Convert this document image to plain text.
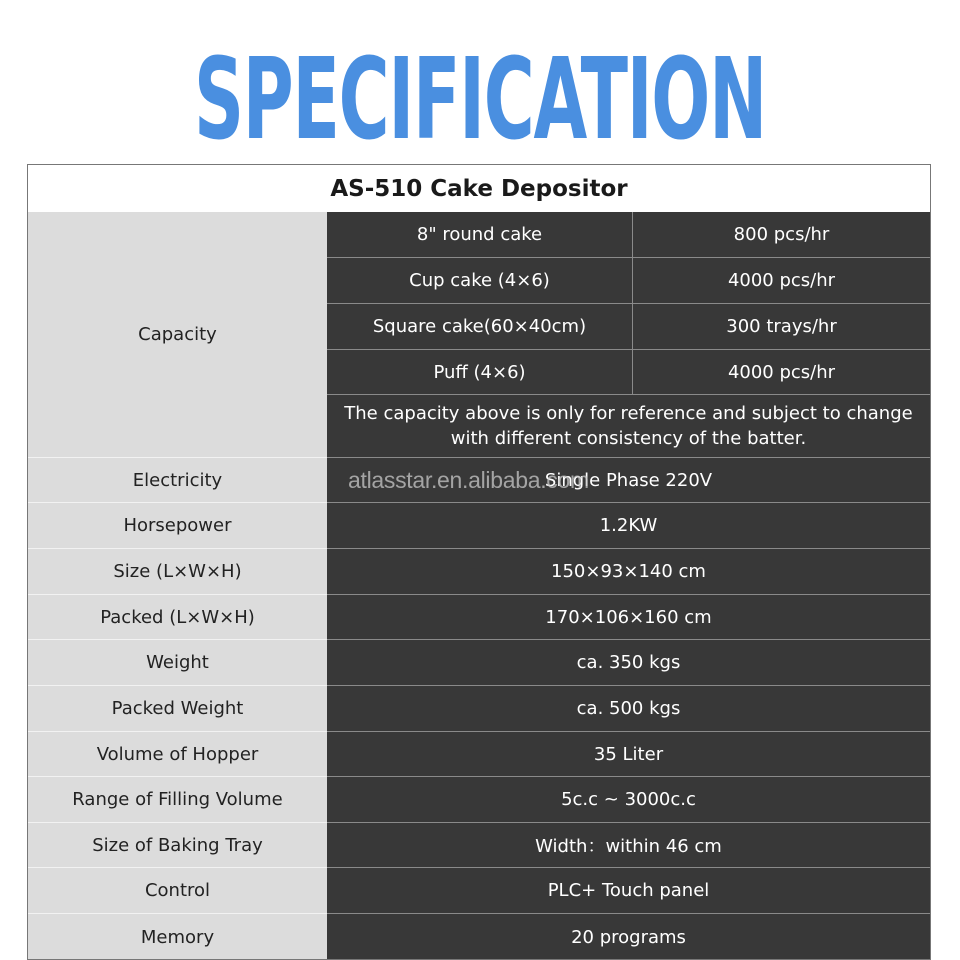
SPECIFICATION
AS-510 Cake Depositor
Capacity
8" round cake	800 pcs/hr
Cup cake (4×6)	4000 pcs/hr
Square cake(60×40cm)	300 trays/hr
Puff (4×6)	4000 pcs/hr
The capacity above is only for reference and subject to change with different consistency of the batter.
Electricity	Single Phase 220V
Horsepower	1.2KW
Size (L×W×H)	150×93×140 cm
Packed (L×W×H)	170×106×160 cm
Weight	ca. 350 kgs
Packed Weight	ca. 500 kgs
Volume of Hopper	35 Liter
Range of Filling Volume	5c.c ~ 3000c.c
Size of Baking Tray	Width：within 46 cm
Control	PLC+ Touch panel
Memory	20 programs
atlasstar.en.alibaba.com
